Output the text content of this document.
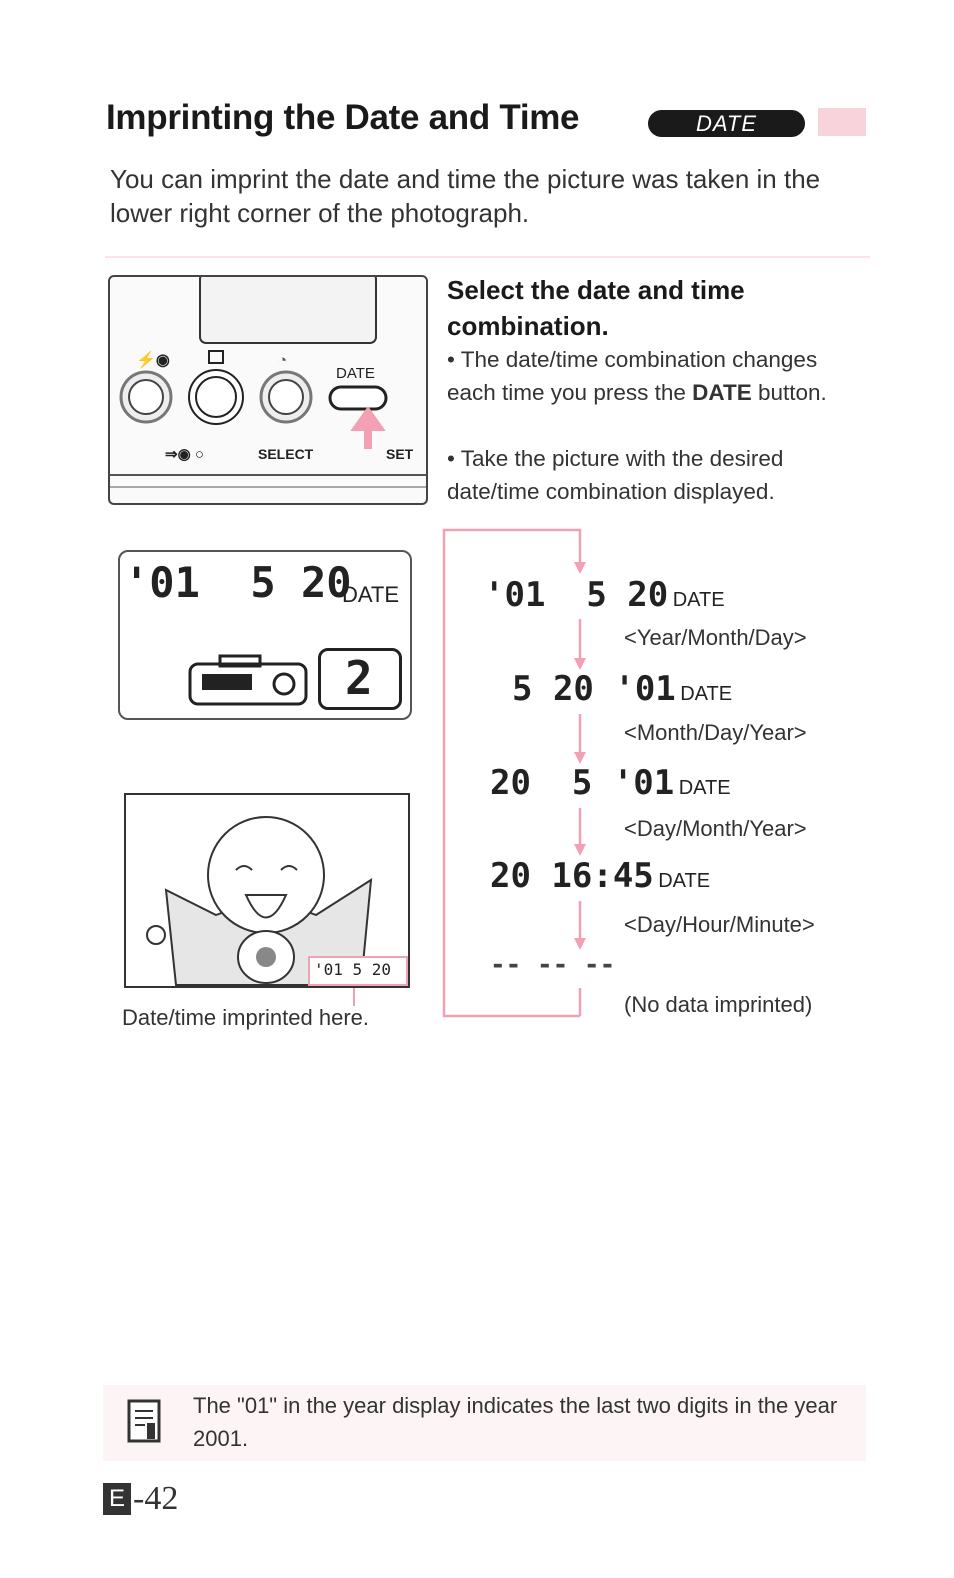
Imprinting the Date and Time	DATE
You can imprint the date and time the picture was taken in the lower right corner of the photograph.
⚡◉	◔
⇒◉ ○
DATE
SELECT	SET
Select the date and time combination.
• The date/time combination changes each time you press the DATE button.
• Take the picture with the desired date/time combination displayed.
'01  5 20
DATE
2
'01 5 20
Date/time imprinted here.
'01  5 20 DATE
<Year/Month/Day>
5 20 '01 DATE
<Month/Day/Year>
20  5 '01 DATE
<Day/Month/Year>
20 16:45 DATE
<Day/Hour/Minute>
-- -- --
(No data imprinted)
The "01" in the year display indicates the last two digits in the year 2001.
E -42
